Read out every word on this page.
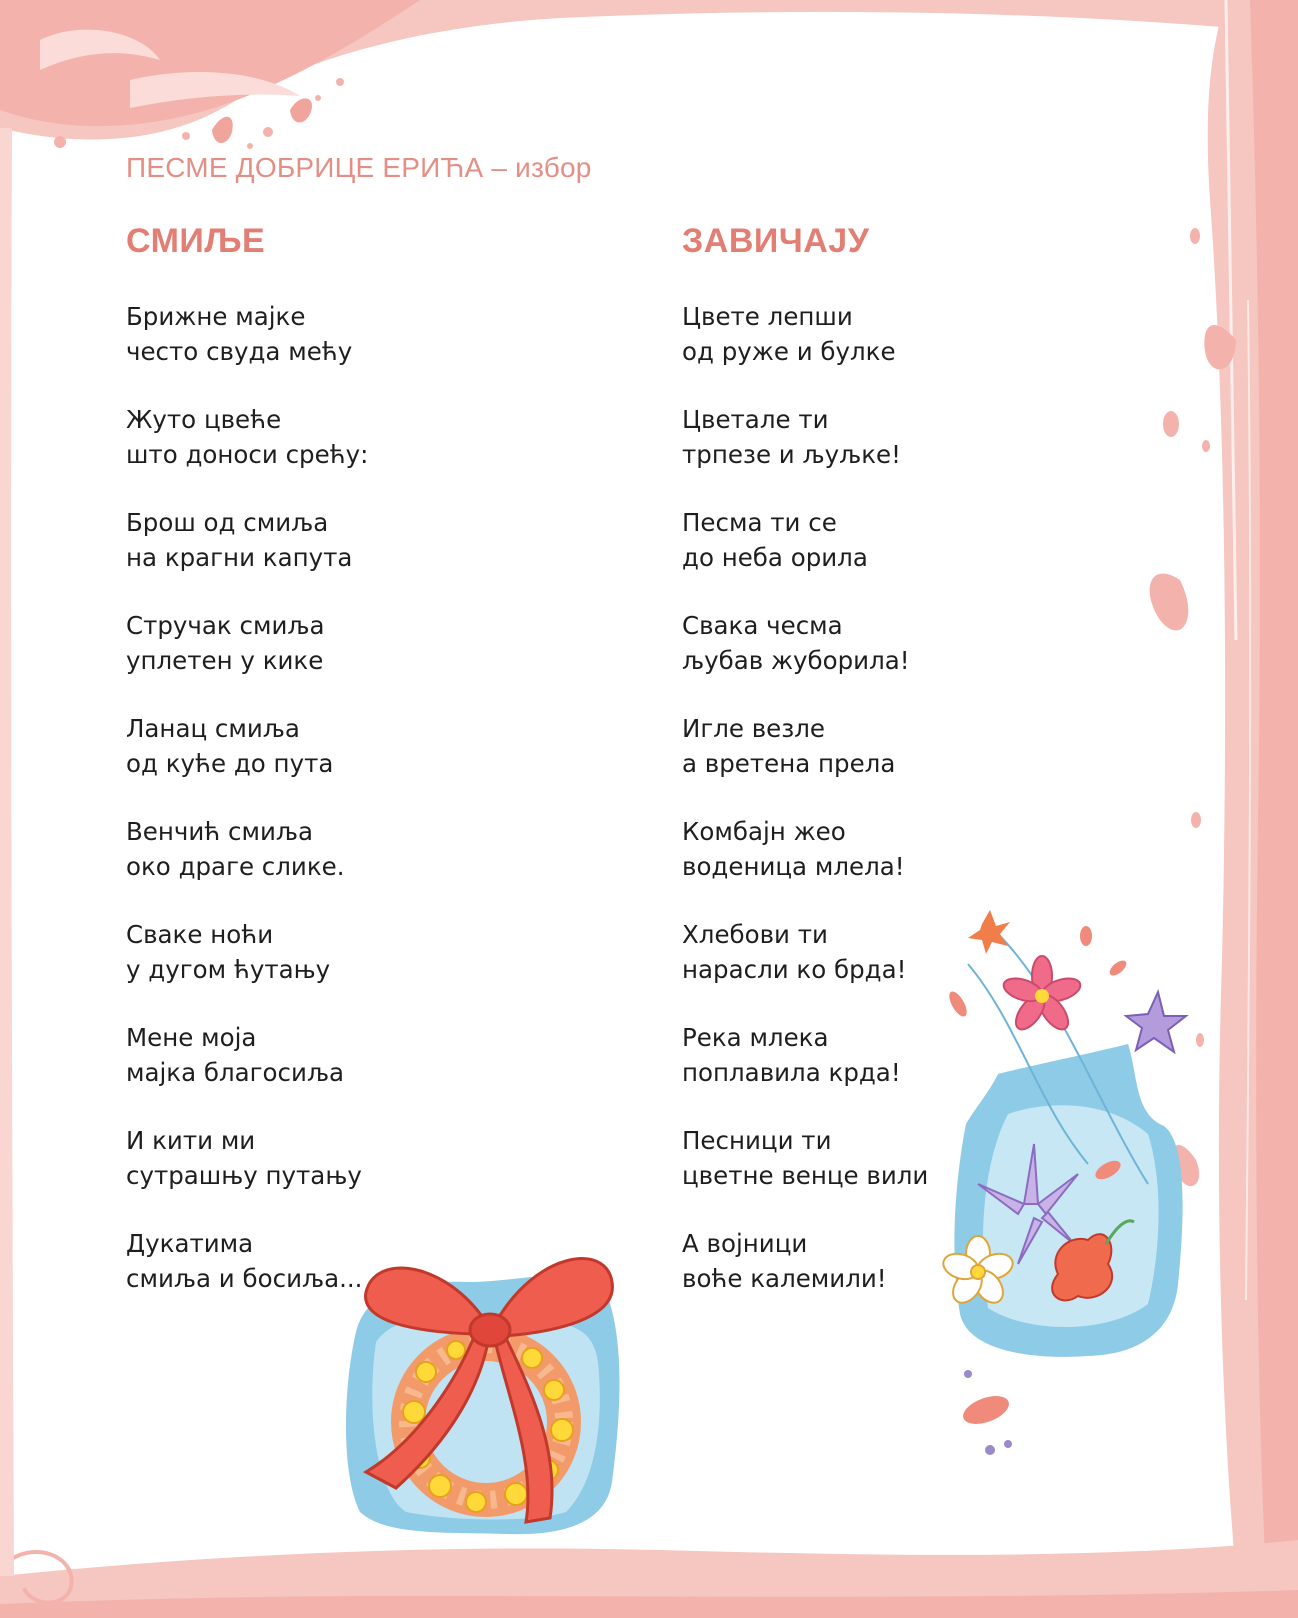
ПЕСМЕ ДОБРИЦЕ ЕРИЋА – избор
СМИЉЕ
Брижне мајке
често свуда мећу
Жуто цвеће
што доноси срећу:
Брош од смиља
на крагни капута
Стручак смиља
уплетен у кике
Ланац смиља
од куће до пута
Венчић смиља
око драге слике.
Сваке ноћи
у дугом ћутању
Мене моја
мајка благосиља
И кити ми
сутрашњу путању
Дукатима
смиља и босиља...
ЗАВИЧАЈУ
Цвете лепши
од руже и булке
Цветале ти
трпезе и љуљке!
Песма ти се
до неба орила
Свака чесма
љубав жуборила!
Игле везле
а вретена прела
Комбајн жео
воденица млела!
Хлебови ти
нарасли ко брда!
Река млека
поплавила крда!
Песници ти
цветне венце вили
А војници
воће калемили!
